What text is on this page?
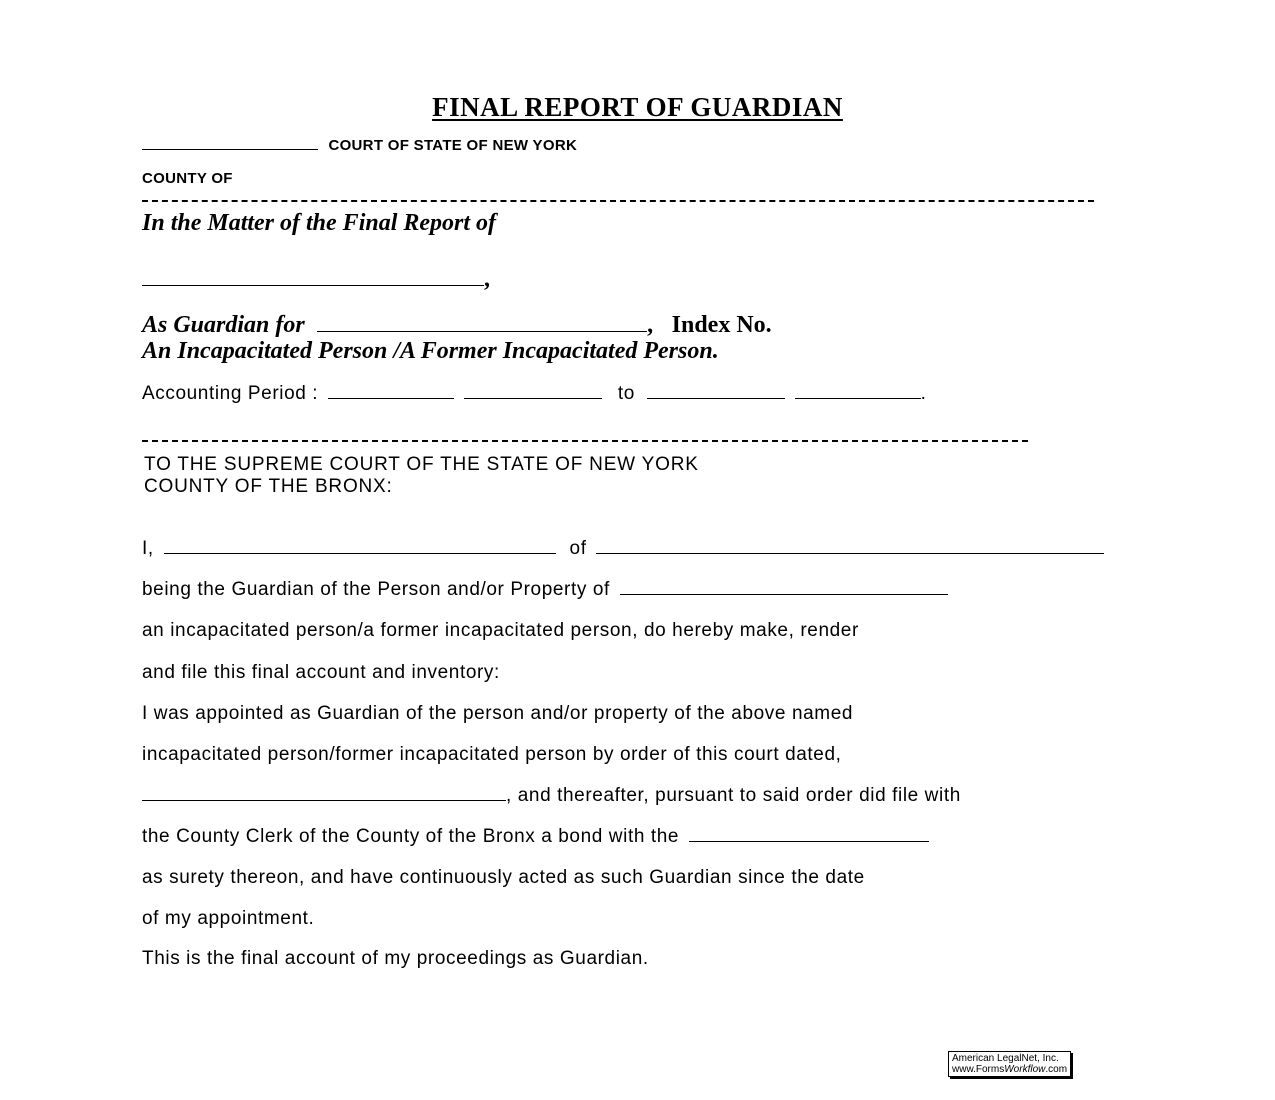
FINAL REPORT OF GUARDIAN
COURT OF STATE OF NEW YORK
COUNTY OF
In the Matter of the Final Report of
,
As Guardian for	, Index No.
An Incapacitated Person /A Former Incapacitated Person.
Accounting Period :	to	.
TO THE SUPREME COURT OF THE STATE OF NEW YORK
COUNTY OF THE BRONX:
I,	of
being the Guardian of the Person and/or Property of
an incapacitated person/a former incapacitated person, do hereby make, render
and file this final account and inventory:
I was appointed as Guardian of the person and/or property of the above named
incapacitated person/former incapacitated person by order of this court dated,
, and thereafter, pursuant to said order did file with
the County Clerk of the County of the Bronx a bond with the
as surety thereon, and have continuously acted as such Guardian since the date
of my appointment.
This is the final account of my proceedings as Guardian.
American LegalNet, Inc.
www.FormsWorkflow.com
